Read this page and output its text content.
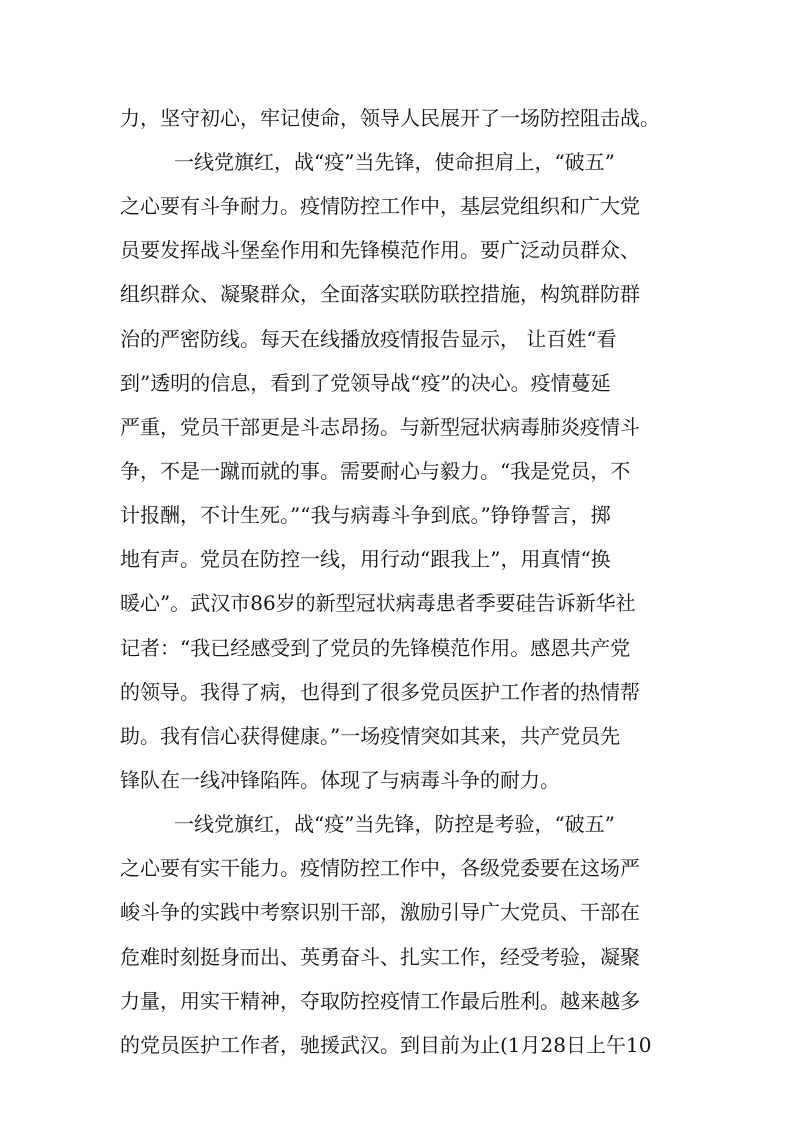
力，坚守初心，牢记使命，领导人民展开了一场防控阻击战。
一线党旗红，战“疫”当先锋，使命担肩上，“破五”
之心要有斗争耐力。疫情防控工作中，基层党组织和广大党
员要发挥战斗堡垒作用和先锋模范作用。要广泛动员群众、
组织群众、凝聚群众，全面落实联防联控措施，构筑群防群
治的严密防线。每天在线播放疫情报告显示， 让百姓“看
到”透明的信息，看到了党领导战“疫”的决心。疫情蔓延
严重，党员干部更是斗志昂扬。与新型冠状病毒肺炎疫情斗
争，不是一蹴而就的事。需要耐心与毅力。“我是党员，不
计报酬，不计生死。”“我与病毒斗争到底。”铮铮誓言，掷
地有声。党员在防控一线，用行动“跟我上”，用真情“换
暖心”。武汉市86岁的新型冠状病毒患者季要硅告诉新华社
记者：“我已经感受到了党员的先锋模范作用。感恩共产党
的领导。我得了病，也得到了很多党员医护工作者的热情帮
助。我有信心获得健康。”一场疫情突如其来，共产党员先
锋队在一线冲锋陷阵。体现了与病毒斗争的耐力。
一线党旗红，战“疫”当先锋，防控是考验，“破五”
之心要有实干能力。疫情防控工作中，各级党委要在这场严
峻斗争的实践中考察识别干部，激励引导广大党员、干部在
危难时刻挺身而出、英勇奋斗、扎实工作，经受考验，凝聚
力量，用实干精神，夺取防控疫情工作最后胜利。越来越多
的党员医护工作者，驰援武汉。到目前为止(1月28日上午10
